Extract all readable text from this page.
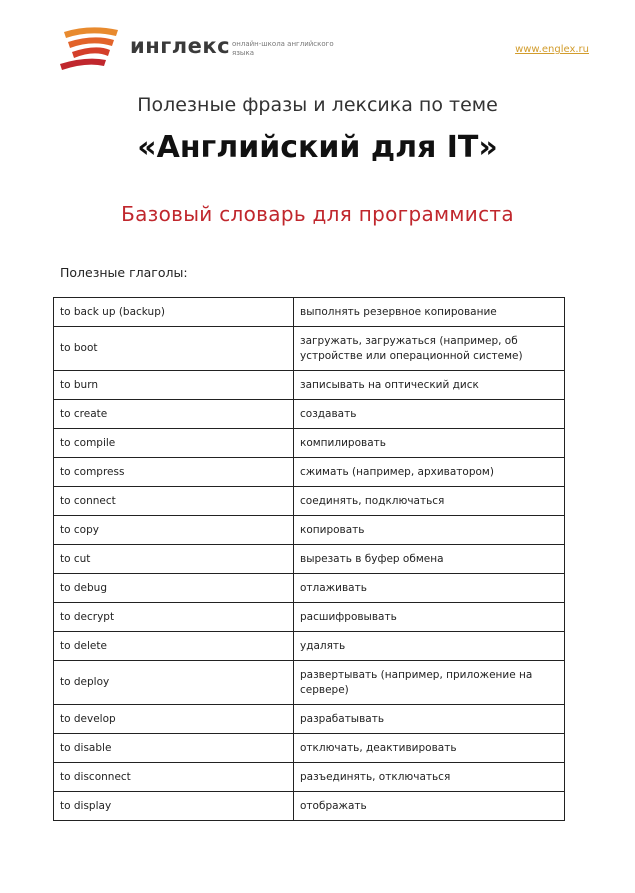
инглекс онлайн-школа английского языка	www.englex.ru
Полезные фразы и лексика по теме
«Английский для IT»
Базовый словарь для программиста
Полезные глаголы:
to back up (backup)	выполнять резервное копирование
to boot	загружать, загружаться (например, об устройстве или операционной системе)
to burn	записывать на оптический диск
to create	создавать
to compile	компилировать
to compress	сжимать (например, архиватором)
to connect	соединять, подключаться
to copy	копировать
to cut	вырезать в буфер обмена
to debug	отлаживать
to decrypt	расшифровывать
to delete	удалять
to deploy	развертывать (например, приложение на сервере)
to develop	разрабатывать
to disable	отключать, деактивировать
to disconnect	разъединять, отключаться
to display	отображать
